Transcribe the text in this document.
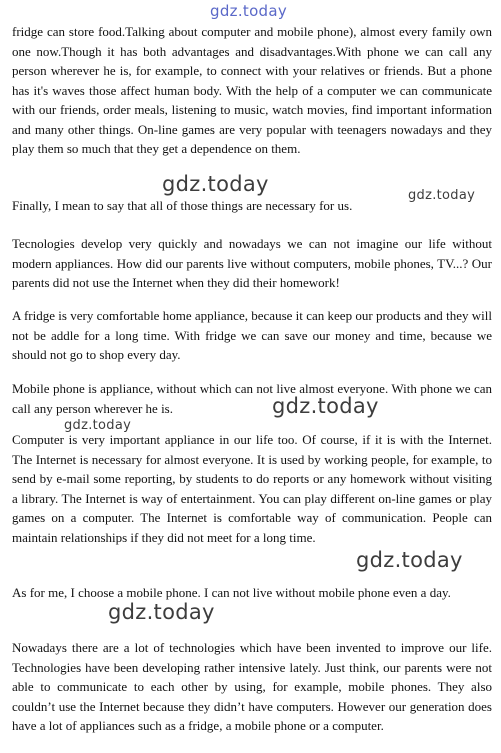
gdz.today

fridge can store food.Talking about computer and mobile phone), almost every family own one now.Though it has both advantages and disadvantages.With phone we can call any person wherever he is, for example, to connect with your relatives or friends. But a phone has it's waves those affect human body. With the help of a computer we can communicate with our friends, order meals, listening to music, watch movies, find important information and many other things. On-line games are very popular with teenagers nowadays and they play them so much that they get a dependence on them.

gdz.today	gdz.today

Finally, I mean to say that all of those things are necessary for us.

Tecnologies develop very quickly and nowadays we can not imagine our life without modern appliances. How did our parents live without computers, mobile phones, TV...? Our parents did not use the Internet when they did their homework!

A fridge is very comfortable home appliance, because it can keep our products and they will not be addle for a long time. With fridge we can save our money and time, because we should not go to shop every day.

Mobile phone is appliance, without which can not live almost everyone. With phone we can call any person wherever he is.	gdz.today
gdz.today

Computer is very important appliance in our life too. Of course, if it is with the Internet. The Internet is necessary for almost everyone. It is used by working people, for example, to send by e-mail some reporting, by students to do reports or any homework without visiting a library. The Internet is way of entertainment. You can play different on-line games or play games on a computer. The Internet is comfortable way of communication. People can maintain relationships if they did not meet for a long time.

gdz.today

As for me, I choose a mobile phone. I can not live without mobile phone even a day.

gdz.today

Nowadays there are a lot of technologies which have been invented to improve our life. Technologies have been developing rather intensive lately. Just think, our parents were not able to communicate to each other by using, for example, mobile phones. They also couldn’t use the Internet because they didn’t have computers. However our generation does have a lot of appliances such as a fridge, a mobile phone or a computer.
